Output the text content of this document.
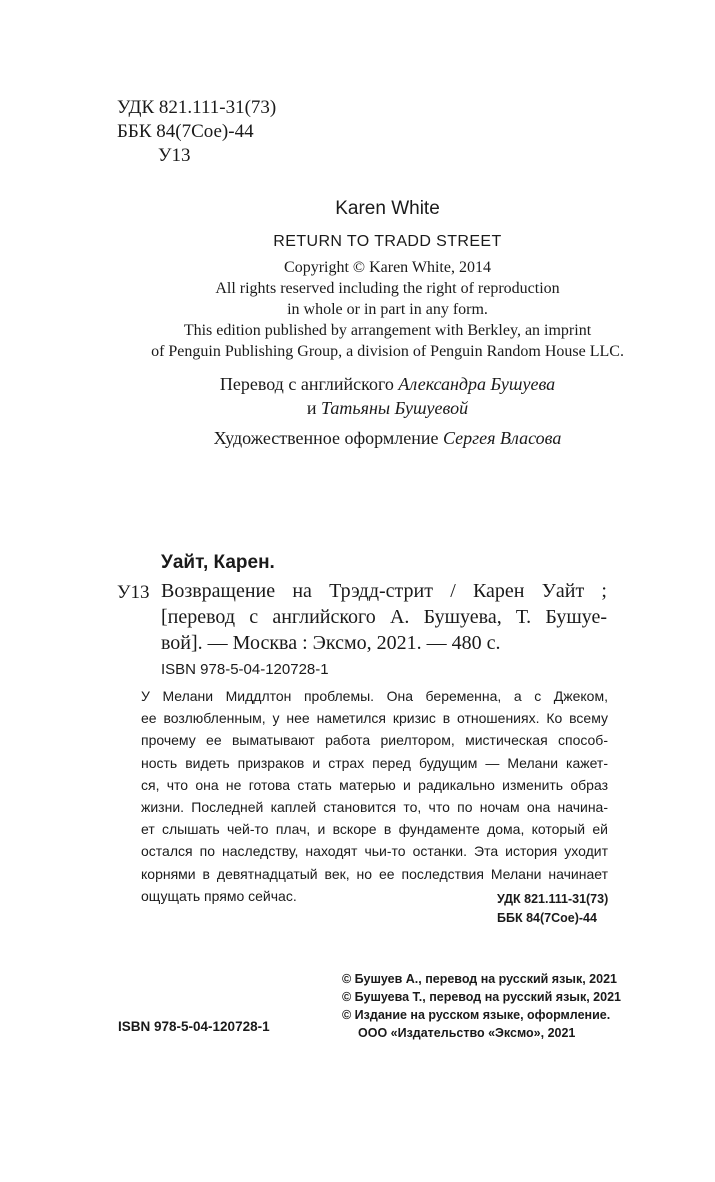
УДК 821.111-31(73)
ББК 84(7Сое)-44
У13
Karen White
RETURN TO TRADD STREET
Copyright © Karen White, 2014
All rights reserved including the right of reproduction
in whole or in part in any form.
This edition published by arrangement with Berkley, an imprint
of Penguin Publishing Group, a division of Penguin Random House LLC.
Перевод с английского Александра Бушуева
и Татьяны Бушуевой
Художественное оформление Сергея Власова
Уайт, Карен.
У13 Возвращение на Трэдд-стрит / Карен Уайт ;
[перевод с английского А. Бушуева, Т. Бушуе-
вой]. — Москва : Эксмо, 2021. — 480 с.
ISBN 978-5-04-120728-1
У Мелани Миддлтон проблемы. Она беременна, а с Джеком,
ее возлюбленным, у нее наметился кризис в отношениях. Ко всему
прочему ее выматывают работа риелтором, мистическая способ-
ность видеть призраков и страх перед будущим — Мелани кажет-
ся, что она не готова стать матерью и радикально изменить образ
жизни. Последней каплей становится то, что по ночам она начина-
ет слышать чей-то плач, и вскоре в фундаменте дома, который ей
остался по наследству, находят чьи-то останки. Эта история уходит
корнями в девятнадцатый век, но ее последствия Мелани начинает
ощущать прямо сейчас.	УДК 821.111-31(73)
ББК 84(7Сое)-44
© Бушуев А., перевод на русский язык, 2021
© Бушуева Т., перевод на русский язык, 2021
© Издание на русском языке, оформление.
ООО «Издательство «Эксмо», 2021
ISBN 978-5-04-120728-1
